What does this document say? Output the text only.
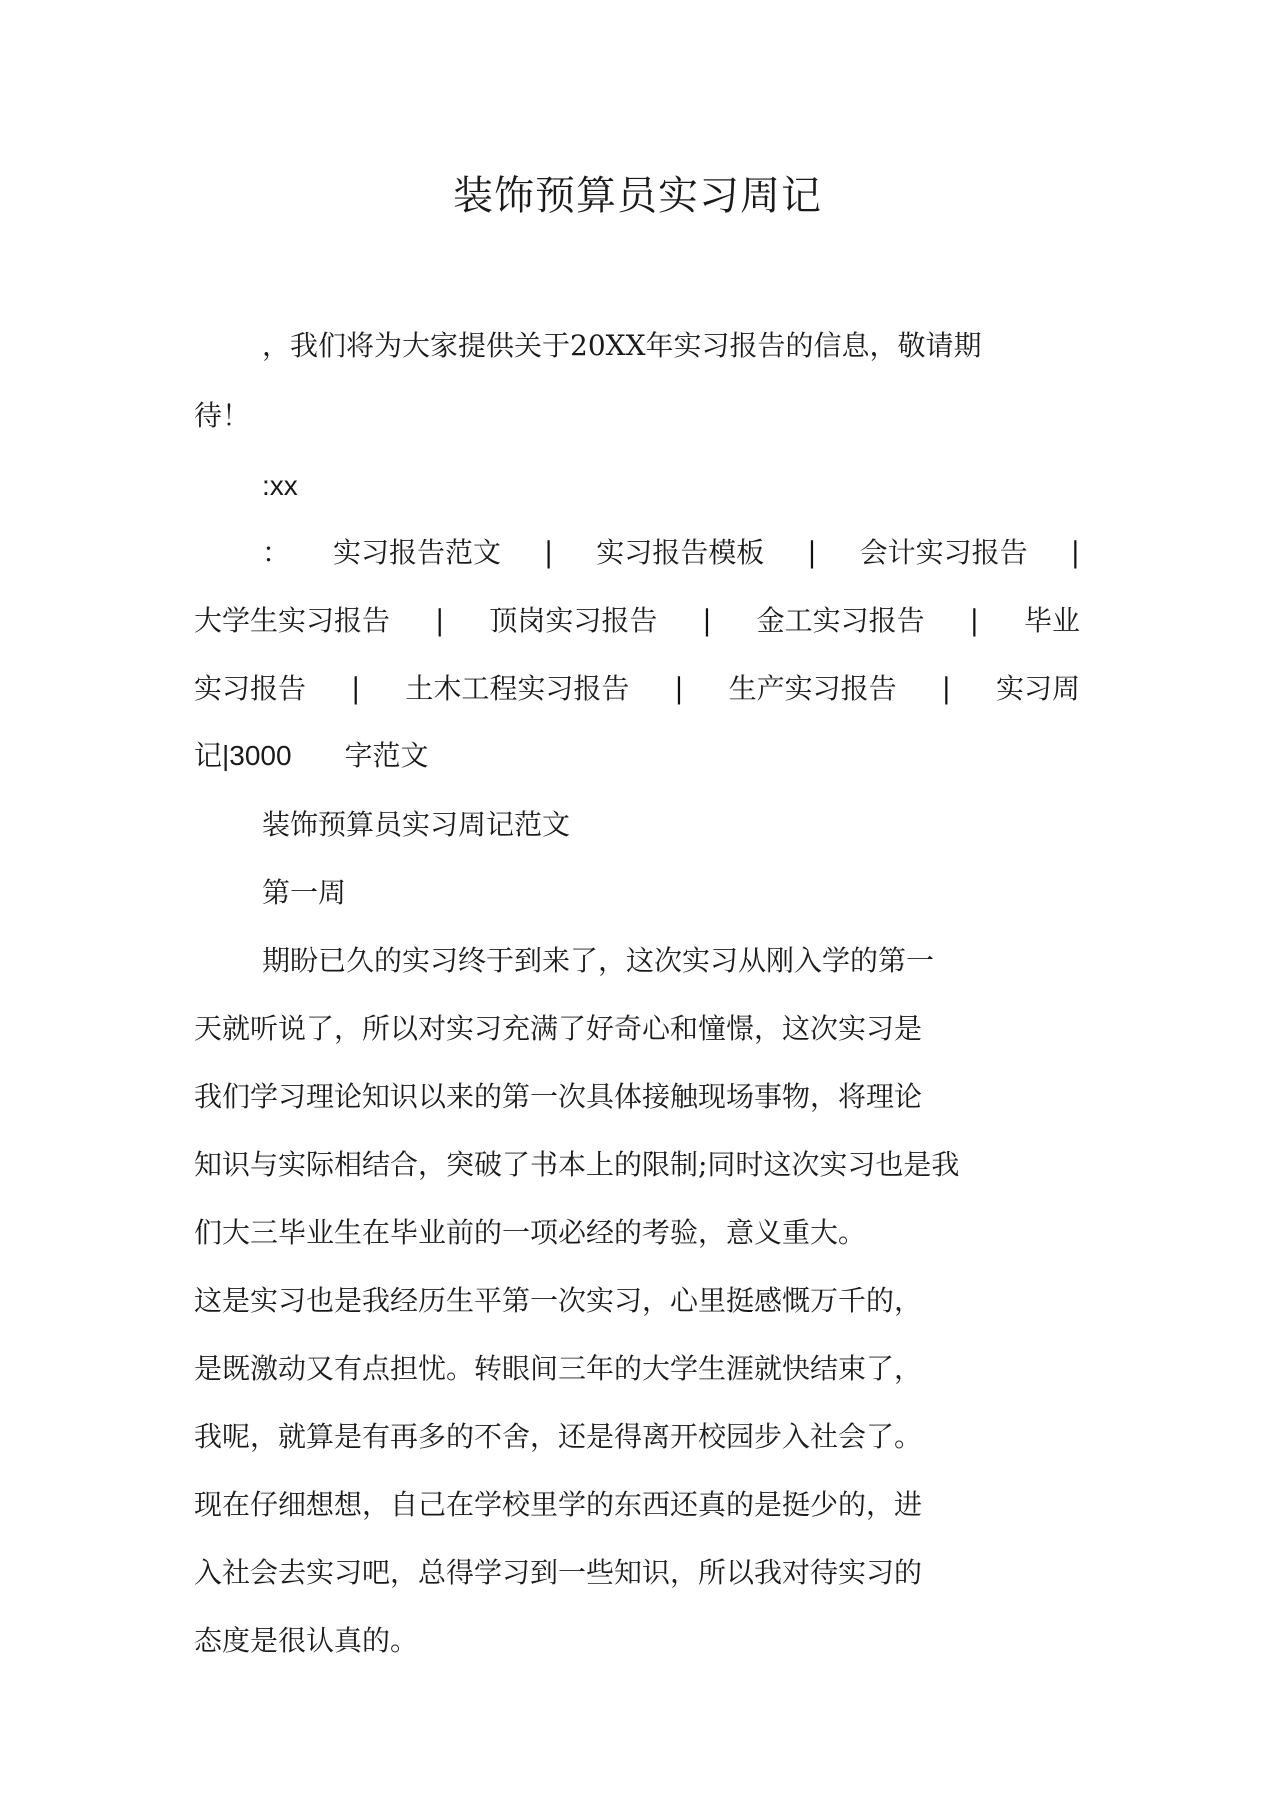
装饰预算员实习周记
，我们将为大家提供关于20XX年实习报告的信息，敬请期
待！
:xx
： 实习报告范文 | 实习报告模板 | 会计实习报告 |
大学生实习报告 | 顶岗实习报告 | 金工实习报告 | 毕业
实习报告 | 土木工程实习报告 | 生产实习报告 | 实习周
记|3000 字范文
装饰预算员实习周记范文
第一周
期盼已久的实习终于到来了，这次实习从刚入学的第一
天就听说了，所以对实习充满了好奇心和憧憬，这次实习是
我们学习理论知识以来的第一次具体接触现场事物，将理论
知识与实际相结合，突破了书本上的限制;同时这次实习也是我
们大三毕业生在毕业前的一项必经的考验，意义重大。
这是实习也是我经历生平第一次实习，心里挺感慨万千的，
是既激动又有点担忧。转眼间三年的大学生涯就快结束了，
我呢，就算是有再多的不舍，还是得离开校园步入社会了。
现在仔细想想，自己在学校里学的东西还真的是挺少的，进
入社会去实习吧，总得学习到一些知识，所以我对待实习的
态度是很认真的。
